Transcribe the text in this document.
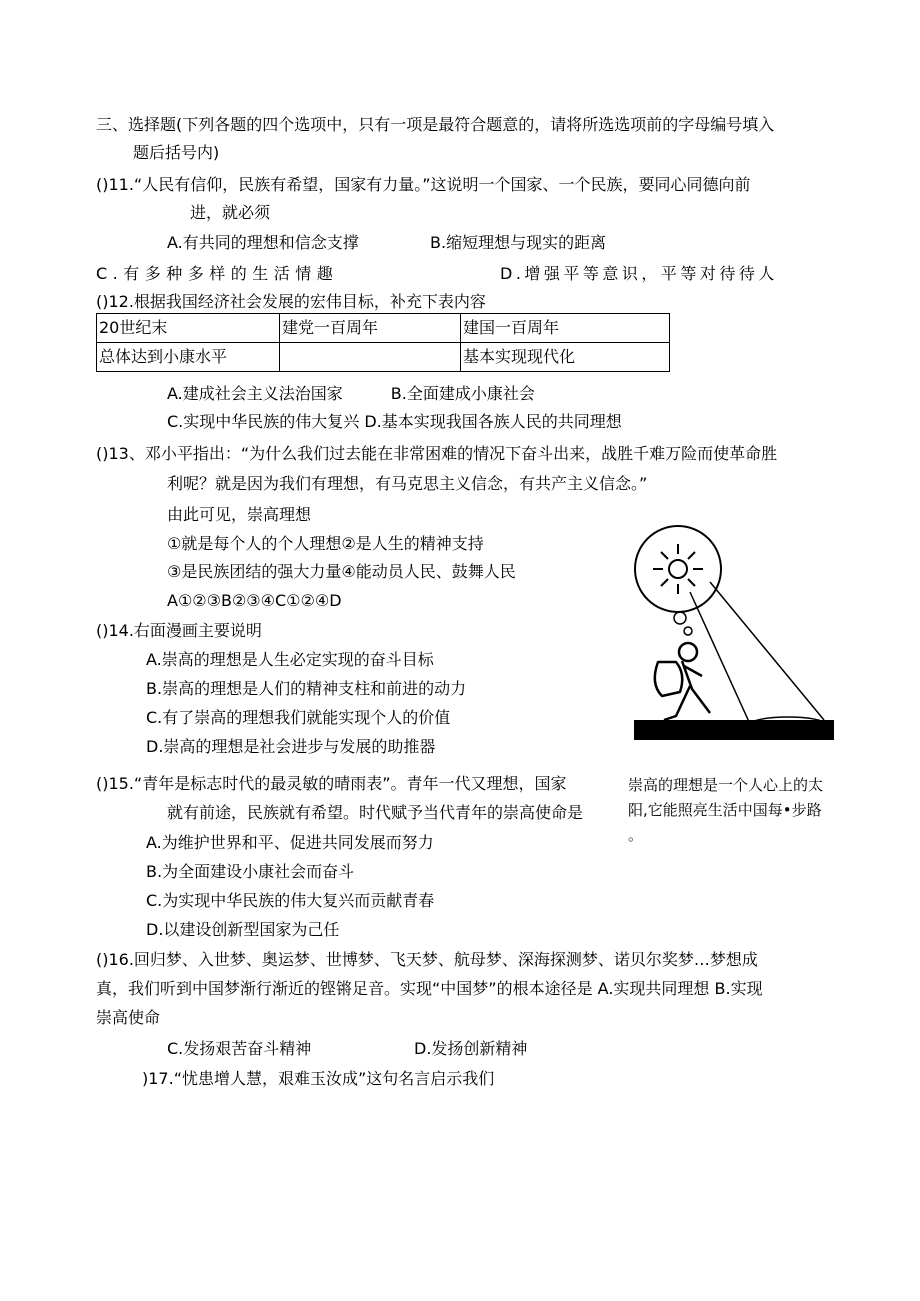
三、选择题(下列各题的四个选项中，只有一项是最符合题意的，请将所选选项前的字母编号填入
题后括号内)
()11.“人民有信仰，民族有希望，国家有力量。”这说明一个国家、一个民族，要同心同德向前
进，就必须
A.有共同的理想和信念支撑	B.缩短理想与现实的距离
C.有多种多样的生活情趣	D.增强平等意识，平等对待待人
()12.根据我国经济社会发展的宏伟目标，补充下表内容
20世纪末	建党一百周年	建国一百周年
总体达到小康水平		基本实现现代化
A.建成社会主义法治国家　　　B.全面建成小康社会
C.实现中华民族的伟大复兴 D.基本实现我国各族人民的共同理想
()13、邓小平指出：“为什么我们过去能在非常困难的情况下奋斗出来，战胜千难万险而使革命胜
利呢？就是因为我们有理想，有马克思主义信念，有共产主义信念。”
由此可见，崇高理想
①就是每个人的个人理想②是人生的精神支持
③是民族团结的强大力量④能动员人民、鼓舞人民
A①②③B②③④C①②④D
崇高的理想是一个人心上的太
阳,它能照亮生活中国每•步路
。
()14.右面漫画主要说明
A.崇高的理想是人生必定实现的奋斗目标
B.崇高的理想是人们的精神支柱和前进的动力
C.有了崇高的理想我们就能实现个人的价值
D.崇高的理想是社会进步与发展的助推器
()15.“青年是标志时代的最灵敏的晴雨表”。青年一代又理想，国家
就有前途，民族就有希望。时代赋予当代青年的崇高使命是
A.为维护世界和平、促进共同发展而努力
B.为全面建设小康社会而奋斗
C.为实现中华民族的伟大复兴而贡献青春
D.以建设创新型国家为己任
()16.回归梦、入世梦、奥运梦、世博梦、飞天梦、航母梦、深海探测梦、诺贝尔奖梦…梦想成
真，我们听到中国梦渐行渐近的铿锵足音。实现“中国梦”的根本途径是 A.实现共同理想 B.实现
崇高使命
C.发扬艰苦奋斗精神	D.发扬创新精神
)17.“忧患增人慧，艰难玉汝成”这句名言启示我们
